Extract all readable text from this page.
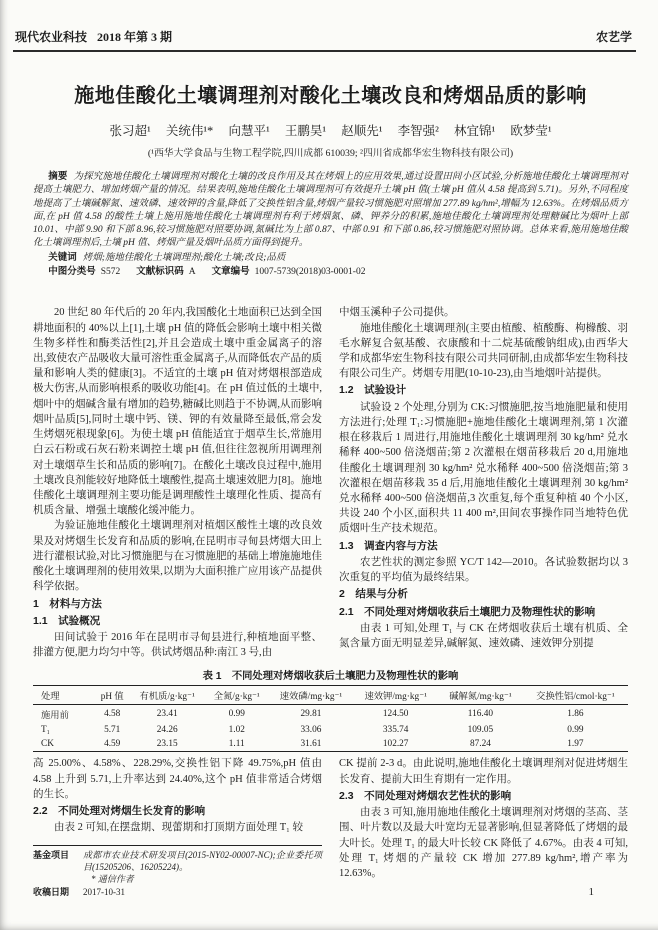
现代农业科技 2018 年第 3 期	农艺学
施地佳酸化土壤调理剂对酸化土壤改良和烤烟品质的影响
张习超¹ 关统伟¹* 向慧平¹ 王鹏昊¹ 赵顺先¹ 李智强² 林宜锦¹ 欧梦莹¹
(¹西华大学食品与生物工程学院,四川成都 610039; ²四川省成都华宏生物科技有限公司)

摘要 为探究施地佳酸化土壤调理剂对酸化土壤的改良作用及其在烤烟上的应用效果,通过设置田间小区试验,分析施地佳酸化土壤调理剂对提高土壤肥力、增加烤烟产量的情况。结果表明,施地佳酸化土壤调理剂可有效提升土壤 pH 值(土壤 pH 值从 4.58 提高到 5.71)。另外,不同程度地提高了土壤碱解氮、速效磷、速效钾的含量,降低了交换性铝含量,烤烟产量较习惯施肥对照增加 277.89 kg/hm²,增幅为 12.63%。在烤烟品质方面,在 pH 值 4.58 的酸性土壤上施用施地佳酸化土壤调理剂有利于烤烟氮、磷、钾养分的积累,施地佳酸化土壤调理剂处理糖碱比为烟叶上部 10.01、中部 9.90 和下部 8.96,较习惯施肥对照要协调,氮碱比为上部 0.87、中部 0.91 和下部 0.86,较习惯施肥对照协调。总体来看,施用施地佳酸化土壤调理剂后,土壤 pH 值、烤烟产量及烟叶品质方面得到提升。

关键词 烤烟;施地佳酸化土壤调理剂;酸化土壤;改良;品质

中图分类号 S572 文献标识码 A 文章编号 1007-5739(2018)03-0001-02

20 世纪 80 年代后的 20 年内,我国酸化土地面积已达到全国耕地面积的 40%以上[1],土壤 pH 值的降低会影响土壤中相关微生物多样性和酶类活性[2],并且会造成土壤中重金属离子的溶出,致使农产品吸收大量可溶性重金属离子,从而降低农产品的质量和影响人类的健康[3]。不适宜的土壤 pH 值对烤烟根部造成极大伤害,从而影响根系的吸收功能[4]。在 pH 值过低的土壤中,烟叶中的烟碱含量有增加的趋势,糖碱比则趋于不协调,从而影响烟叶品质[5],同时土壤中钙、镁、钾的有效量降至最低,常会发生烤烟死根现象[6]。为使土壤 pH 值能适宜于烟草生长,常施用白云石粉或石灰石粉来调控土壤 pH 值,但往往忽视所用调理剂对土壤烟草生长和品质的影响[7]。在酸化土壤改良过程中,施用土壤改良剂能较好地降低土壤酸性,提高土壤速效肥力[8]。施地佳酸化土壤调理剂主要功能是调理酸性土壤理化性质、提高有机质含量、增强土壤酸化缓冲能力。

为验证施地佳酸化土壤调理剂对植烟区酸性土壤的改良效果及对烤烟生长发育和品质的影响,在昆明市寻甸县烤烟大田上进行灌根试验,对比习惯施肥与在习惯施肥的基础上增施施地佳酸化土壤调理剂的使用效果,以期为大面积推广应用该产品提供科学依据。

1　材料与方法
1.1　试验概况

田间试验于 2016 年在昆明市寻甸县进行,种植地面平整、排灌方便,肥力均匀中等。供试烤烟品种:南江 3 号,由

中烟玉溪种子公司提供。

施地佳酸化土壤调理剂(主要由植酸、植酸酶、枸橼酸、羽毛水解复合氨基酸、衣康酸和十二烷基硫酸钠组成),由西华大学和成都华宏生物科技有限公司共同研制,由成都华宏生物科技有限公司生产。烤烟专用肥(10-10-23),由当地烟叶站提供。

1.2　试验设计

试验设 2 个处理,分别为 CK:习惯施肥,按当地施肥量和使用方法进行;处理 T₁:习惯施肥+施地佳酸化土壤调理剂,第 1 次灌根在移栽后 1 周进行,用施地佳酸化土壤调理剂 30 kg/hm² 兑水稀释 400~500 倍浇烟苗;第 2 次灌根在烟苗移栽后 20 d,用施地佳酸化土壤调理剂 30 kg/hm² 兑水稀释 400~500 倍浇烟苗;第 3 次灌根在烟苗移栽 35 d 后,用施地佳酸化土壤调理剂 30 kg/hm² 兑水稀释 400~500 倍浇烟苗,3 次重复,每个重复种植 40 个小区,共设 240 个小区,面积共 11 400 m²,田间农事操作同当地特色优质烟叶生产技术规范。

1.3　调查内容与方法

农艺性状的测定参照 YC/T 142—2010。各试验数据均以 3 次重复的平均值为最终结果。

2　结果与分析
2.1　不同处理对烤烟收获后土壤肥力及物理性状的影响

由表 1 可知,处理 T₁ 与 CK 在烤烟收获后土壤有机质、全氮含量方面无明显差异,碱解氮、速效磷、速效钾分别提

表 1　不同处理对烤烟收获后土壤肥力及物理性状的影响
处理	pH 值	有机质/g·kg⁻¹	全氮/g·kg⁻¹	速效磷/mg·kg⁻¹	速效钾/mg·kg⁻¹	碱解氮/mg·kg⁻¹	交换性铝/cmol·kg⁻¹
施用前	4.58	23.41	0.99	29.81	124.50	116.40	1.86
T₁	5.71	24.26	1.02	33.06	335.74	109.05	0.99
CK	4.59	23.15	1.11	31.61	102.27	87.24	1.97

高 25.00%、4.58%、228.29%,交换性铝下降 49.75%,pH 值由 4.58 上升到 5.71,上升率达到 24.40%,这个 pH 值非常适合烤烟的生长。

2.2　不同处理对烤烟生长发育的影响

由表 2 可知,在摆盘期、现蕾期和打顶期方面处理 T₁ 较

基金项目	成都市农业技术研发项目(2015-NY02-00007-NC);企业委托项目(15205206、16205224)。
* 通信作者
收稿日期	2017-10-31

CK 提前 2-3 d。由此说明,施地佳酸化土壤调理剂对促进烤烟生长发育、提前大田生育期有一定作用。

2.3　不同处理对烤烟农艺性状的影响

由表 3 可知,施用施地佳酸化土壤调理剂对烤烟的茎高、茎围、叶片数以及最大叶宽均无显著影响,但显著降低了烤烟的最大叶长。处理 T₁ 的最大叶长较 CK 降低了 4.67%。由表 4 可知,处理 T₁ 烤烟的产量较 CK 增加 277.89 kg/hm²,增产率为 12.63%。

1
